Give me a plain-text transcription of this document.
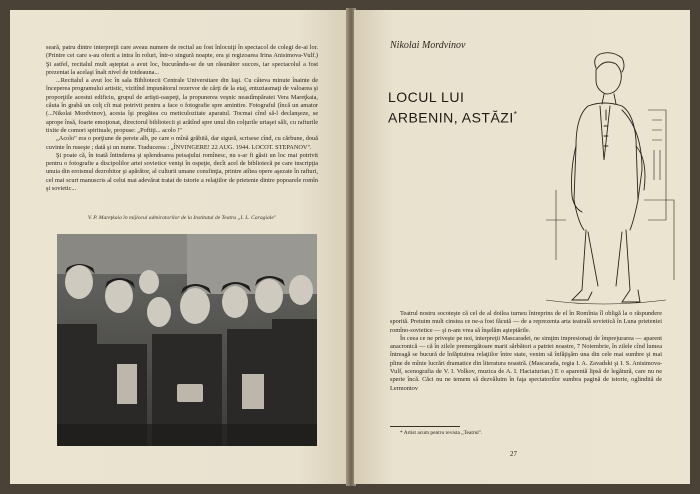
seară, patru dintre interpreţii care aveau numere de recital au fost înlocuiţi în spectacol de colegi de-ai lor. (Printre cei care s-au oferit a intra în roluri, într-o singură noapte, era şi regizoarea Irina Anisimova-Vulf.) Şi astfel, recitalul mult aşteptat a avut loc, bucurându-se de un răsunător succes, iar spectacolul a fost prezentat la acelaşi înalt nivel de totdeauna...

...Recitalul a avut loc în sala Bibliotecii Centrale Universitare din Iaşi. Cu câteva minute înainte de începerea programului artistic, vizitînd impunătorul rezervor de cărţi de la etaj, entuziasmaţi de valoarea şi proporţiile acestui edificiu, grupul de artişti-oaspeţi, la propunerea veşnic neastîmpăratei Vera Mareţkaia, căuta în grabă un colţ cît mai potrivit pentru a face o fotografie spre amintire. Fotograful (încă un amator (...Nikolai Mordvinov), acesta îşi pregătea cu meticulozitate aparatul. Tocmai cînd să-l declanşeze, se aprope însă, foarte emoţionat, directorul bibliotecii şi arătînd spre unul din colţurile uriaşei săli, cu rafturile tixite de comori spirituale, propuse: „Poftiţi... acolo !"

„Acolo" era o porţiune de perete alb, pe care o mînă grăbită, dar sigură, scrisese cînd, cu cărbune, două cuvinte în ruseşte ; dată şi un nume. Traducerea : „ÎNVINGERE! 22 AUG. 1944. LOCOT. STEPANOV".

Şi poate că, în toată întinderea şi splendoarea peisajului romînesc, nu s-ar fi găsit un loc mai potrivit pentru o fotografie a discipolilor artei sovietice venişi în ospeţie, decît acel de bibliotecă pe care inscripţia unuia din eroismul dezrobitor şi apărător, al culturii umane consfinţia, printre atîtea opere aşezate în rafturi, cel mai scurt manuscris al celui mai adevărat tratat de istorie a relaţiilor de prietenie dintre popoarele romîn şi sovietic...

V. P. Mareţkaia în mijlocul admiratorilor de la Institutul de Teatru „I. L. Caragiale"
Nikolai Mordvinov
LOCUL LUI ARBENIN, ASTĂZI*

Teatrul nostru socoteşte că cel de al doilea turneu întreprins de el în Romînia îl obligă la o răspundere sporită. Pretuim mult cinstea ce ne-a fost făcută — de a reprezenta arta teatrală sovietică în Luna prieteniei romîno-sovietice — şi n-am vrea să înşelăm aşteptările.

În ceea ce ne priveşte pe noi, interpreţii Mascaradei, ne simţim impresionaţi de împrejurarea — aparent anacronică — că în zilele premergătoare marii sărbători a patriei noastre, 7 Noiembrie, în zilele cînd lumea întreagă se bucură de înfăptuirea relaţiilor între state, venim să înfăţişăm una din cele mai sumbre şi mai pline de mînie lucrări dramatice din literatura noastră. (Mascarada, regia I. A. Zavadski şi I. S. Anisimova-Vulf, scenografia de V. I. Volkov, muzica de A. I. Haciaturian.) E o aparentă lipsă de legătură, care nu ne sperie încă. Căci nu ne temem să dezvăluim în faţa spectatorilor sumbra pagină de istorie, oglindită de Lermontov

* Artist acum pentru revista „Teatrul".
27
